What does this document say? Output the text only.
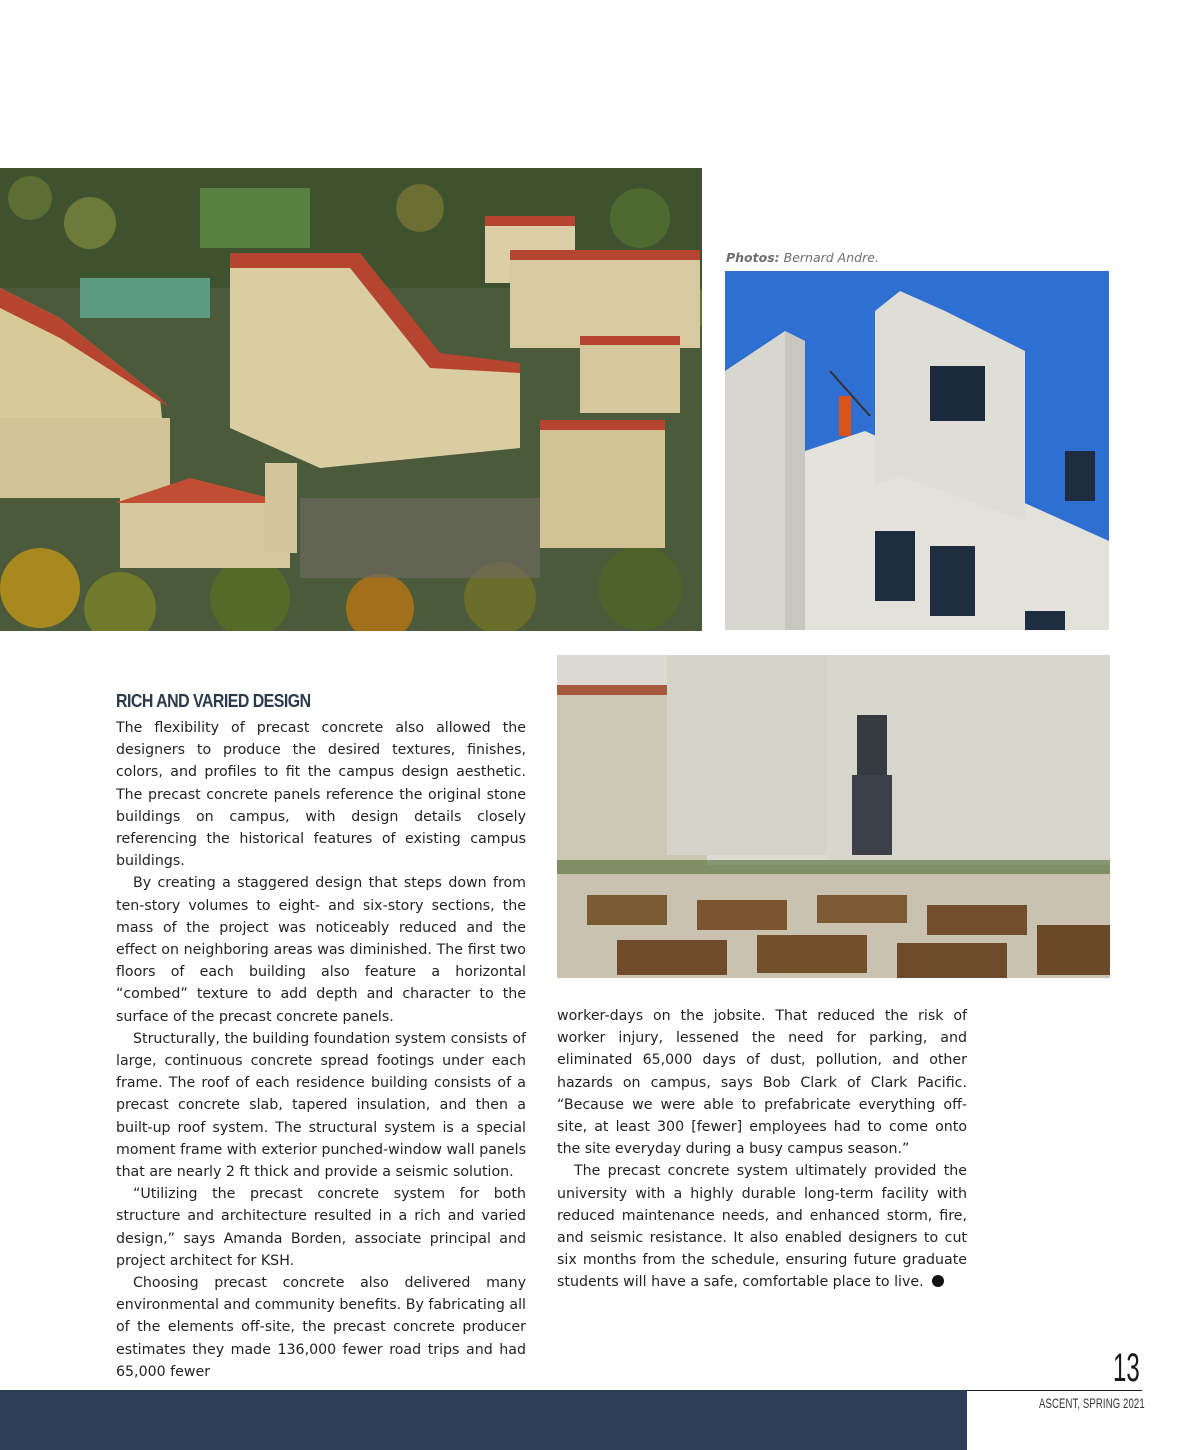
Photos: Bernard Andre.
RICH AND VARIED DESIGN

The flexibility of precast concrete also allowed the designers to produce the desired textures, finishes, colors, and profiles to fit the campus design aesthetic. The precast concrete panels reference the original stone buildings on campus, with design details closely referencing the historical features of existing campus buildings.

By creating a staggered design that steps down from ten-story volumes to eight- and six-story sections, the mass of the project was noticeably reduced and the effect on neighboring areas was diminished. The first two floors of each building also feature a horizontal “combed” texture to add depth and character to the surface of the precast concrete panels.

Structurally, the building foundation system consists of large, continuous concrete spread footings under each frame. The roof of each residence building consists of a precast concrete slab, tapered insulation, and then a built-up roof system. The structural system is a special moment frame with exterior punched-window wall panels that are nearly 2 ft thick and provide a seismic solution.

“Utilizing the precast concrete system for both structure and architecture resulted in a rich and varied design,” says Amanda Borden, associate principal and project architect for KSH.

Choosing precast concrete also delivered many environmental and community benefits. By fabricating all of the elements off-site, the precast concrete producer estimates they made 136,000 fewer road trips and had 65,000 fewer

worker-days on the jobsite. That reduced the risk of worker injury, lessened the need for parking, and eliminated 65,000 days of dust, pollution, and other hazards on campus, says Bob Clark of Clark Pacific. “Because we were able to prefabricate everything off-site, at least 300 [fewer] employees had to come onto the site everyday during a busy campus season.”

The precast concrete system ultimately provided the university with a highly durable long-term facility with reduced maintenance needs, and enhanced storm, fire, and seismic resistance. It also enabled designers to cut six months from the schedule, ensuring future graduate students will have a safe, comfortable place to live.

13
ASCENT, SPRING 2021
